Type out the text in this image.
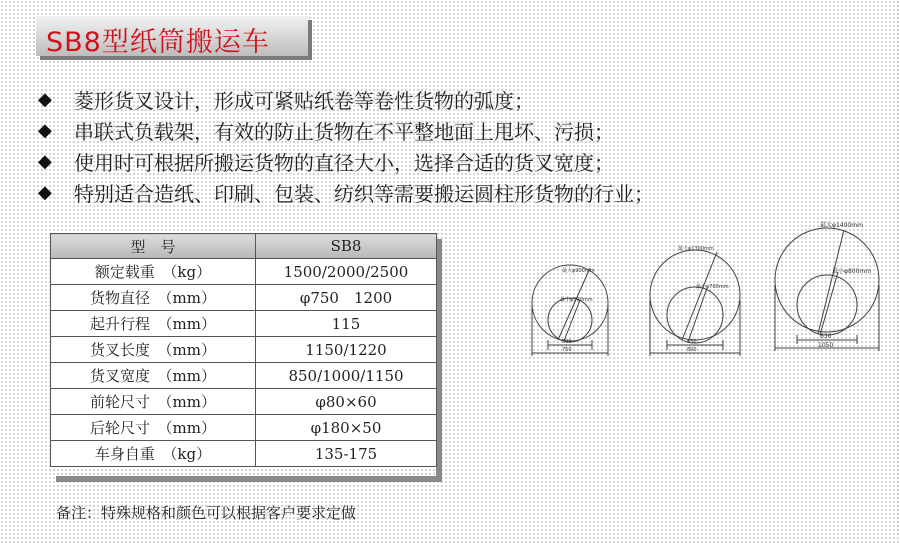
SB8型纸筒搬运车
◆	菱形货叉设计，形成可紧贴纸卷等卷性货物的弧度；
◆	串联式负载架，有效的防止货物在不平整地面上甩坏、污损；
◆	使用时可根据所搬运货物的直径大小，选择合适的货叉宽度；
◆	特别适合造纸、印刷、包装、纺织等需要搬运圆柱形货物的行业；
型　号	SB8
额定载重　（kg）	1500/2000/2500
货物直径　（mm）	φ750　1200
起升行程　（mm）	115
货叉长度　（mm）	1150/1220
货叉宽度　（mm）	850/1000/1150
前轮尺寸　（mm）	φ80×60
后轮尺寸　（mm）	φ180×50
车身自重　（kg）	135-175
备注：特殊规格和颜色可以根据客户要求定做
最大φ900mm
最小φ500mm
500
750
最大φ1300mm
最小φ700mm
650
890
最大φ1400mm
最小φ800mm
630
1050
